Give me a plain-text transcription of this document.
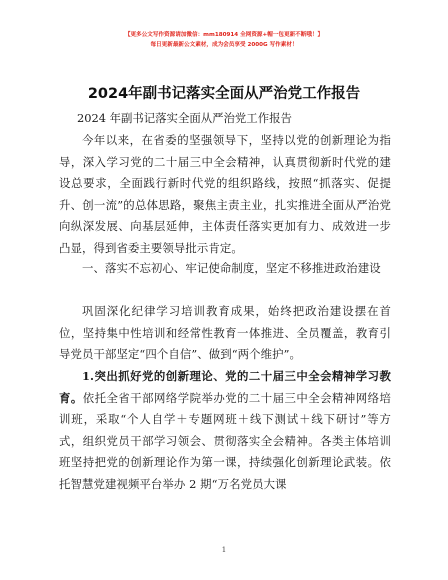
【更多公文写作资源请加微信：mm180914 全网资源+帽一包更新不断哦！】
每日更新最新公文素材，成为会员享受 2000G 写作素材！
2024年副书记落实全面从严治党工作报告
2024 年副书记落实全面从严治党工作报告
今年以来，在省委的坚强领导下，坚持以党的创新理论为指导，深入学习党的二十届三中全会精神，认真贯彻新时代党的建设总要求，全面践行新时代党的组织路线，按照“抓落实、促提升、创一流”的总体思路，聚焦主责主业，扎实推进全面从严治党向纵深发展、向基层延伸，主体责任落实更加有力、成效进一步凸显，得到省委主要领导批示肯定。
一、落实不忘初心、牢记使命制度，坚定不移推进政治建设
巩固深化纪律学习培训教育成果，始终把政治建设摆在首位，坚持集中性培训和经常性教育一体推进、全员覆盖，教育引导党员干部坚定“四个自信”、做到“两个维护”。
1.突出抓好党的创新理论、党的二十届三中全会精神学习教育。依托全省干部网络学院举办党的二十届三中全会精神网络培训班，采取“个人自学＋专题网班＋线下测试＋线下研讨”等方式，组织党员干部学习领会、贯彻落实全会精神。各类主体培训班坚持把党的创新理论作为第一课，持续强化创新理论武装。依托智慧党建视频平台举办 2 期“万名党员大课
1
